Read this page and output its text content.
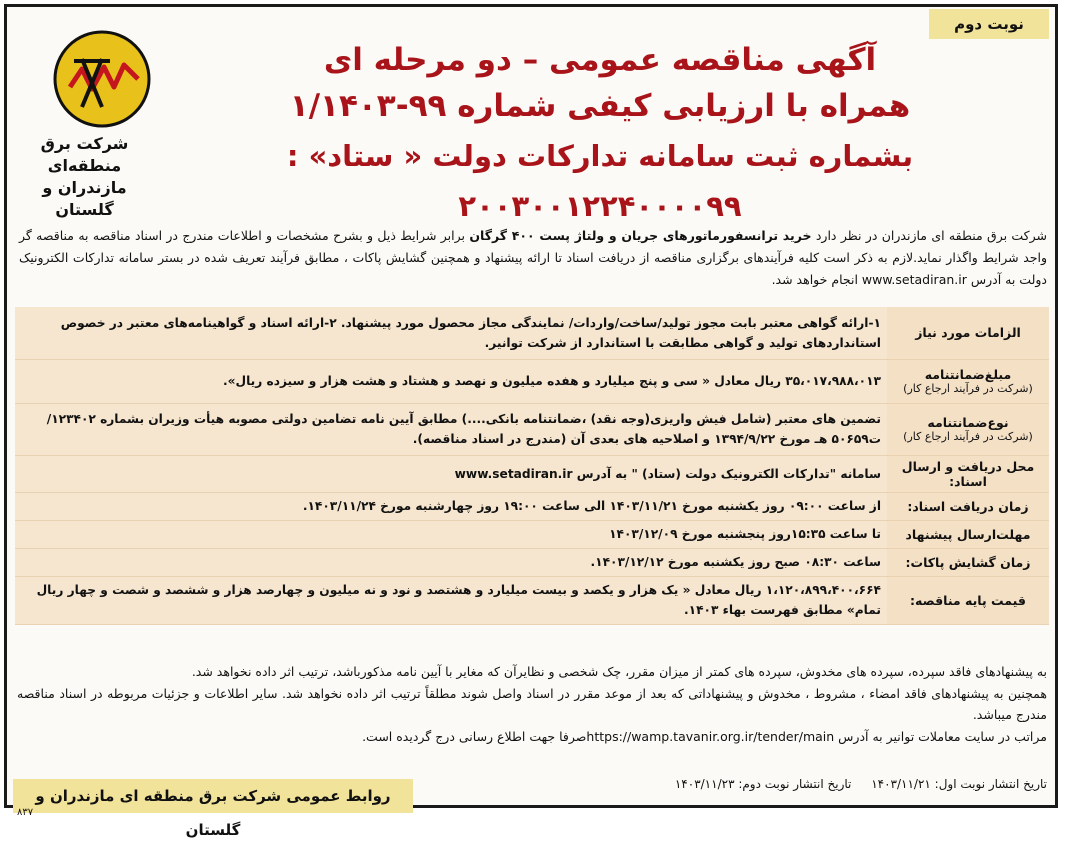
نوبت دوم
شرکت برق منطقه‌ای
مازندران و گلستان
آگهی مناقصه عمومی – دو مرحله ای
همراه با ارزیابی کیفی شماره ۹۹-۱/۱۴۰۳
بشماره ثبت سامانه تدارکات دولت « ستاد» : ۲۰۰۳۰۰۱۲۲۴۰۰۰۰۹۹
شرکت برق منطقه ای مازندران در نظر دارد خرید ترانسفورماتورهای جریان و ولتاژ پست ۴۰۰ گرگان برابر شرایط ذیل و بشرح مشخصات و اطلاعات مندرج در اسناد مناقصه به مناقصه گر واجد شرایط واگذار نماید.لازم به ذکر است کلیه فرآیندهای برگزاری مناقصه از دریافت اسناد تا ارائه پیشنهاد و همچنین گشایش پاکات ، مطابق فرآیند تعریف شده در بستر سامانه تدارکات الکترونیک دولت به آدرس www.setadiran.ir انجام خواهد شد.
الزامات مورد نیاز	۱-ارائه گواهی معتبر بابت مجوز تولید/ساخت/واردات/ نمایندگی مجاز محصول مورد پیشنهاد. ۲-ارائه اسناد و گواهینامه‌های معتبر در خصوص استانداردهای تولید و گواهی مطابقت با استاندارد از شرکت توانیر.
مبلغ‌ضمانتنامه
(شرکت در فرآیند ارجاع کار)	۳۵،۰۱۷،۹۸۸،۰۱۳ ریال معادل « سی و پنج میلیارد و هفده میلیون و نهصد و هشتاد و هشت هزار و سیزده ریال».
نوع‌ضمانتنامه
(شرکت در فرآیند ارجاع کار)	تضمین های معتبر (شامل فیش واریزی(وجه نقد) ،ضمانتنامه بانکی....) مطابق آیین نامه تضامین دولتی مصوبه هیأت وزیران بشماره ۱۲۳۴۰۲/ت۵۰۶۵۹ هـ مورخ ۱۳۹۴/۹/۲۲ و اصلاحیه های بعدی آن (مندرج در اسناد مناقصه).
محل دریافت و ارسال اسناد:	سامانه "تدارکات الکترونیک دولت (ستاد) " به آدرس www.setadiran.ir
زمان دریافت اسناد:	از ساعت ۰۹:۰۰ روز یکشنبه مورخ ۱۴۰۳/۱۱/۲۱ الی ساعت ۱۹:۰۰ روز چهارشنبه مورخ ۱۴۰۳/۱۱/۲۴.
مهلت‌ارسال پیشنهاد	تا ساعت ۱۵:۳۵روز پنجشنبه مورخ ۱۴۰۳/۱۲/۰۹
زمان گشایش پاکات:	ساعت ۰۸:۳۰ صبح روز یکشنبه مورخ ۱۴۰۳/۱۲/۱۲.
قیمت پایه مناقصه:	۱،۱۲۰،۸۹۹،۴۰۰،۶۶۴ ریال معادل « یک هزار و یکصد و بیست میلیارد و هشتصد و نود و نه میلیون و چهارصد هزار و ششصد و شصت و چهار ریال تمام» مطابق فهرست بهاء ۱۴۰۳.
به پیشنهادهای فاقد سپرده، سپرده های مخدوش، سپرده های کمتر از میزان مقرر، چک شخصی و نظایرآن که مغایر با آیین نامه مذکورباشد، ترتیب اثر داده نخواهد شد.
همچنین به پیشنهادهای فاقد امضاء ، مشروط ، مخدوش و پیشنهاداتی که بعد از موعد مقرر در اسناد واصل شوند مطلقاً ترتیب اثر داده نخواهد شد. سایر اطلاعات و جزئیات مربوطه در اسناد مناقصه مندرج میباشد.
مراتب در سایت معاملات توانیر به آدرس https://wamp.tavanir.org.ir/tender/mainصرفا جهت اطلاع رسانی درج گردیده است.
تاریخ انتشار نوبت اول: ۱۴۰۳/۱۱/۲۱ تاریخ انتشار نوبت دوم: ۱۴۰۳/۱۱/۲۳
روابط عمومی شرکت برق منطقه ای مازندران و گلستان
۸۳۷
